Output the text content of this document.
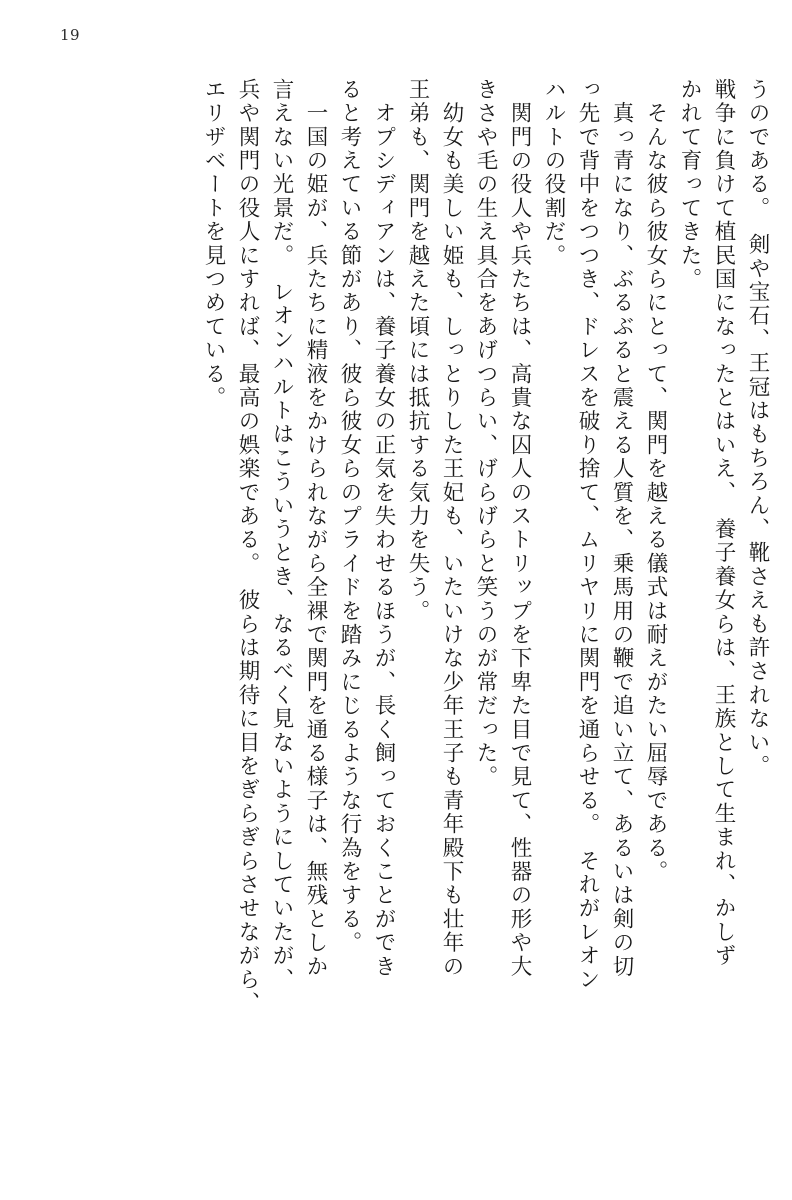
19
うのである。　剣や宝石、王冠はもちろん、靴さえも許されない。
戦争に負けて植民国になったとはいえ、　養子養女らは、王族として生まれ、かしず
かれて育ってきた。
　そんな彼ら彼女らにとって、関門を越える儀式は耐えがたい屈辱である。
　真っ青になり、ぶるぶると震える人質を、乗馬用の鞭で追い立て、あるいは剣の切
っ先で背中をつつき、ドレスを破り捨て、ムリヤリに関門を通らせる。　それがレオン
ハルトの役割だ。
　関門の役人や兵たちは、高貴な囚人のストリップを下卑た目で見て、性器の形や大
きさや毛の生え具合をあげつらい、げらげらと笑うのが常だった。
　幼女も美しい姫も、しっとりした王妃も、いたいけな少年王子も青年殿下も壮年の
王弟も、関門を越えた頃には抵抗する気力を失う。
　オプシディアンは、養子養女の正気を失わせるほうが、長く飼っておくことができ
ると考えている節があり、彼ら彼女らのプライドを踏みにじるような行為をする。
　一国の姫が、兵たちに精液をかけられながら全裸で関門を通る様子は、無残としか
言えない光景だ。　レオンハルトはこういうとき、なるべく見ないようにしていたが、
兵や関門の役人にすれば、最高の娯楽である。　彼らは期待に目をぎらぎらさせながら、
エリザベートを見つめている。
